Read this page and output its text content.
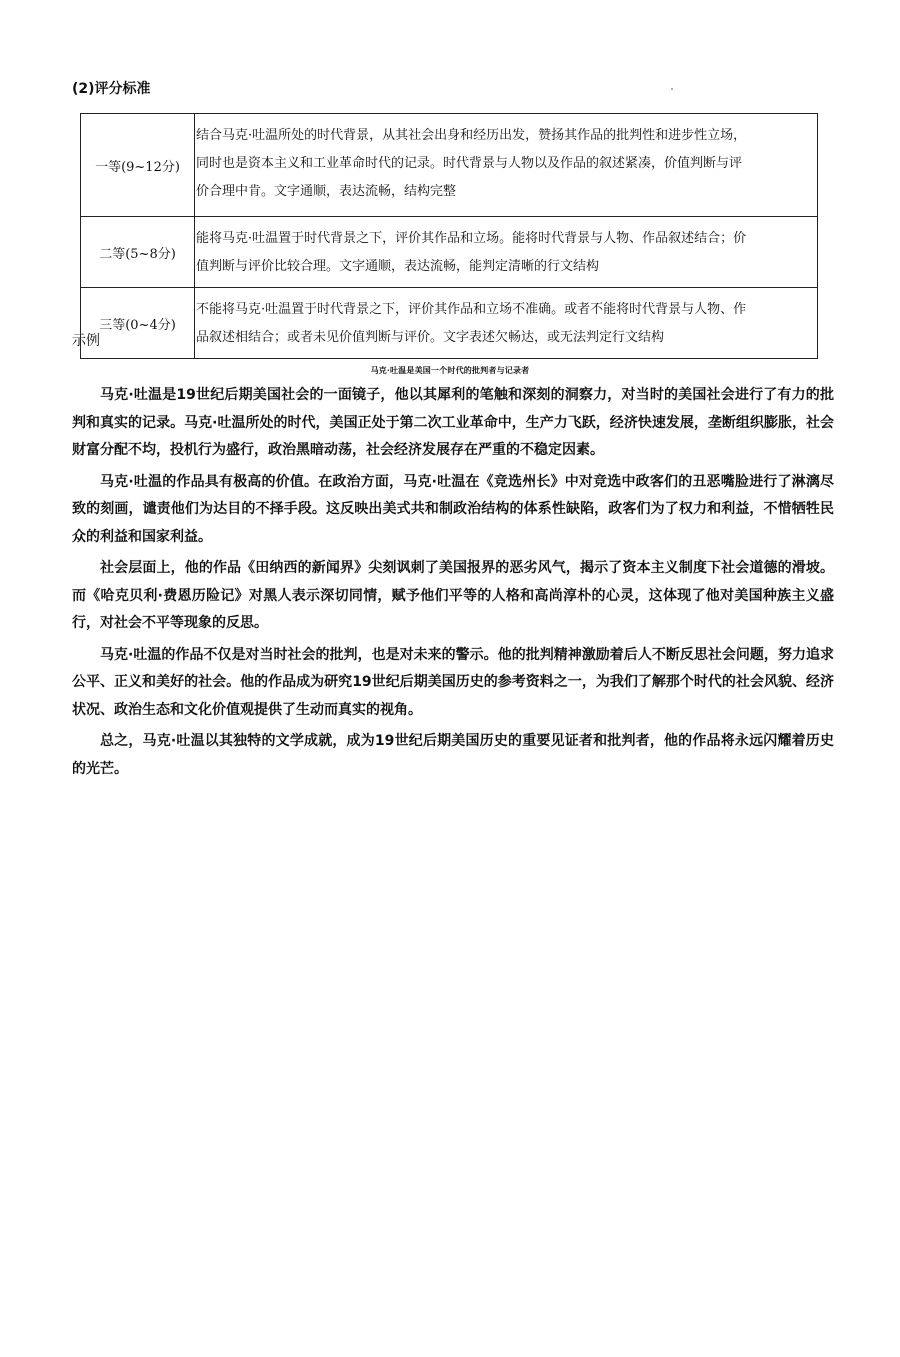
(2)评分标准
一等(9~12分)	结合马克·吐温所处的时代背景，从其社会出身和经历出发，赞扬其作品的批判性和进步性立场，同时也是资本主义和工业革命时代的记录。时代背景与人物以及作品的叙述紧凑，价值判断与评价合理中肯。文字通顺，表达流畅，结构完整

二等(5~8分)	能将马克·吐温置于时代背景之下，评价其作品和立场。能将时代背景与人物、作品叙述结合；价值判断与评价比较合理。文字通顺，表达流畅，能判定清晰的行文结构

三等(0~4分)	不能将马克·吐温置于时代背景之下，评价其作品和立场不准确。或者不能将时代背景与人物、作品叙述相结合；或者未见价值判断与评价。文字表述欠畅达，或无法判定行文结构
示例
马克·吐温是美国一个时代的批判者与记录者

马克·吐温是19世纪后期美国社会的一面镜子，他以其犀利的笔触和深刻的洞察力，对当时的美国社会进行了有力的批判和真实的记录。马克·吐温所处的时代，美国正处于第二次工业革命中，生产力飞跃，经济快速发展，垄断组织膨胀，社会财富分配不均，投机行为盛行，政治黑暗动荡，社会经济发展存在严重的不稳定因素。

马克·吐温的作品具有极高的价值。在政治方面，马克·吐温在《竞选州长》中对竞选中政客们的丑恶嘴脸进行了淋漓尽致的刻画，谴责他们为达目的不择手段。这反映出美式共和制政治结构的体系性缺陷，政客们为了权力和利益，不惜牺牲民众的利益和国家利益。

社会层面上，他的作品《田纳西的新闻界》尖刻讽刺了美国报界的恶劣风气，揭示了资本主义制度下社会道德的滑坡。而《哈克贝利·费恩历险记》对黑人表示深切同情，赋予他们平等的人格和高尚淳朴的心灵，这体现了他对美国种族主义盛行，对社会不平等现象的反思。

马克·吐温的作品不仅是对当时社会的批判，也是对未来的警示。他的批判精神激励着后人不断反思社会问题，努力追求公平、正义和美好的社会。他的作品成为研究19世纪后期美国历史的参考资料之一，为我们了解那个时代的社会风貌、经济状况、政治生态和文化价值观提供了生动而真实的视角。

总之，马克·吐温以其独特的文学成就，成为19世纪后期美国历史的重要见证者和批判者，他的作品将永远闪耀着历史的光芒。
